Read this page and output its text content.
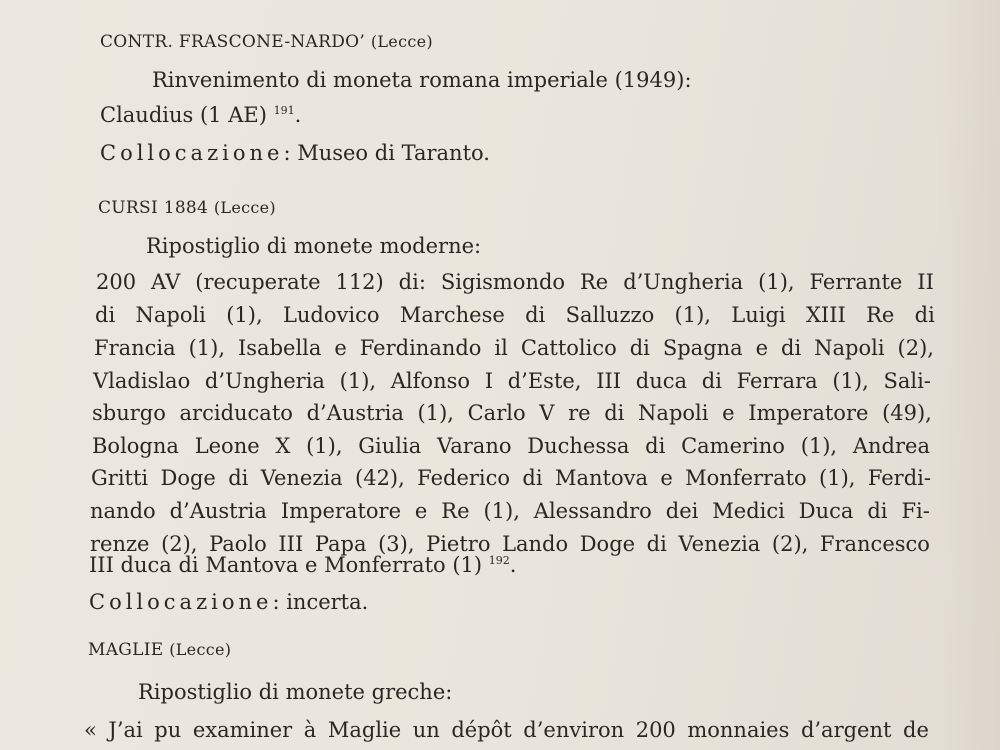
CONTR. FRASCONE-NARDO’ (Lecce)
Rinvenimento di moneta romana imperiale (1949):
Claudius (1 AE) $^{191}$.
Collocazione: Museo di Taranto.
CURSI 1884 (Lecce)
Ripostiglio di monete moderne:
200 AV (recuperate 112) di: Sigismondo Re d’Ungheria (1), Ferrante II
di Napoli (1), Ludovico Marchese di Salluzzo (1), Luigi XIII Re di
Francia (1), Isabella e Ferdinando il Cattolico di Spagna e di Napoli (2),
Vladislao d’Ungheria (1), Alfonso I d’Este, III duca di Ferrara (1), Sali-
sburgo arciducato d’Austria (1), Carlo V re di Napoli e Imperatore (49),
Bologna Leone X (1), Giulia Varano Duchessa di Camerino (1), Andrea
Gritti Doge di Venezia (42), Federico di Mantova e Monferrato (1), Ferdi-
nando d’Austria Imperatore e Re (1), Alessandro dei Medici Duca di Fi-
renze (2), Paolo III Papa (3), Pietro Lando Doge di Venezia (2), Francesco
III duca di Mantova e Monferrato (1) $^{192}$.
Collocazione: incerta.
MAGLIE (Lecce)
Ripostiglio di monete greche:
« J’ai pu examiner à Maglie un dépôt d’environ 200 monnaies d’argent de
